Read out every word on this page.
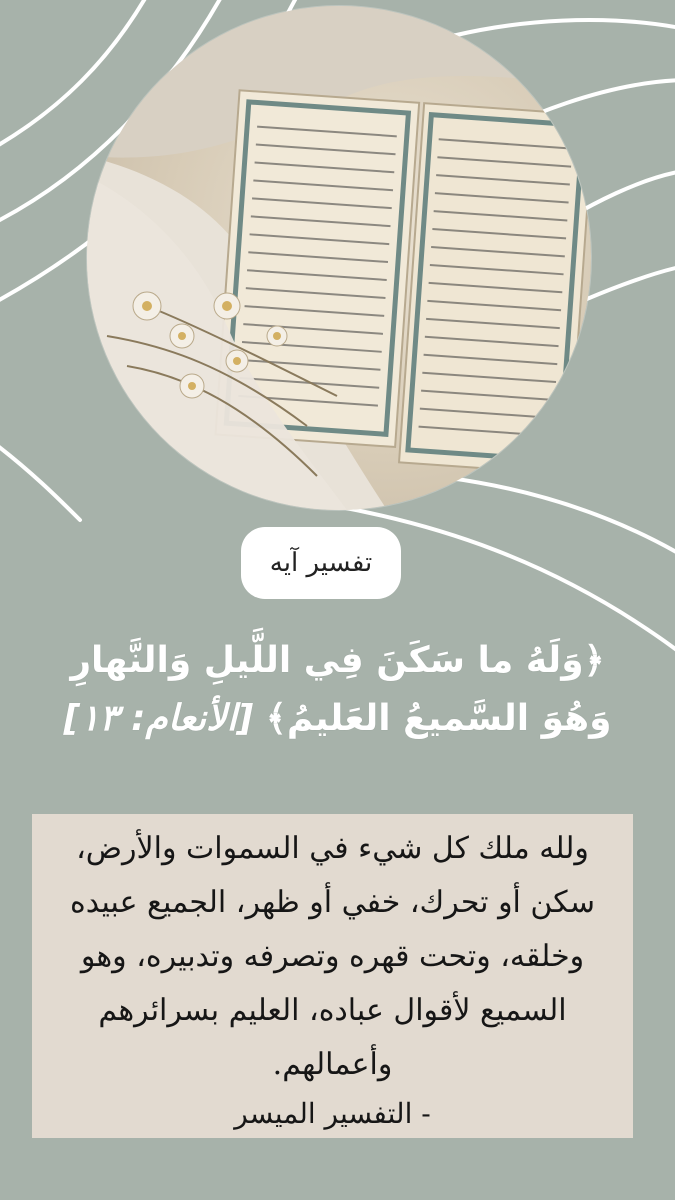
تفسير آيه
﴿وَلَهُ ما سَكَنَ فِي اللَّيلِ وَالنَّهارِ
وَهُوَ السَّميعُ العَليمُ﴾ [الأنعام: ١٣]
ولله ملك كل شيء في السموات والأرض، سكن أو تحرك، خفي أو ظهر، الجميع عبيده وخلقه، وتحت قهره وتصرفه وتدبيره، وهو السميع لأقوال عباده، العليم بسرائرهم وأعمالهم.
- التفسير الميسر
